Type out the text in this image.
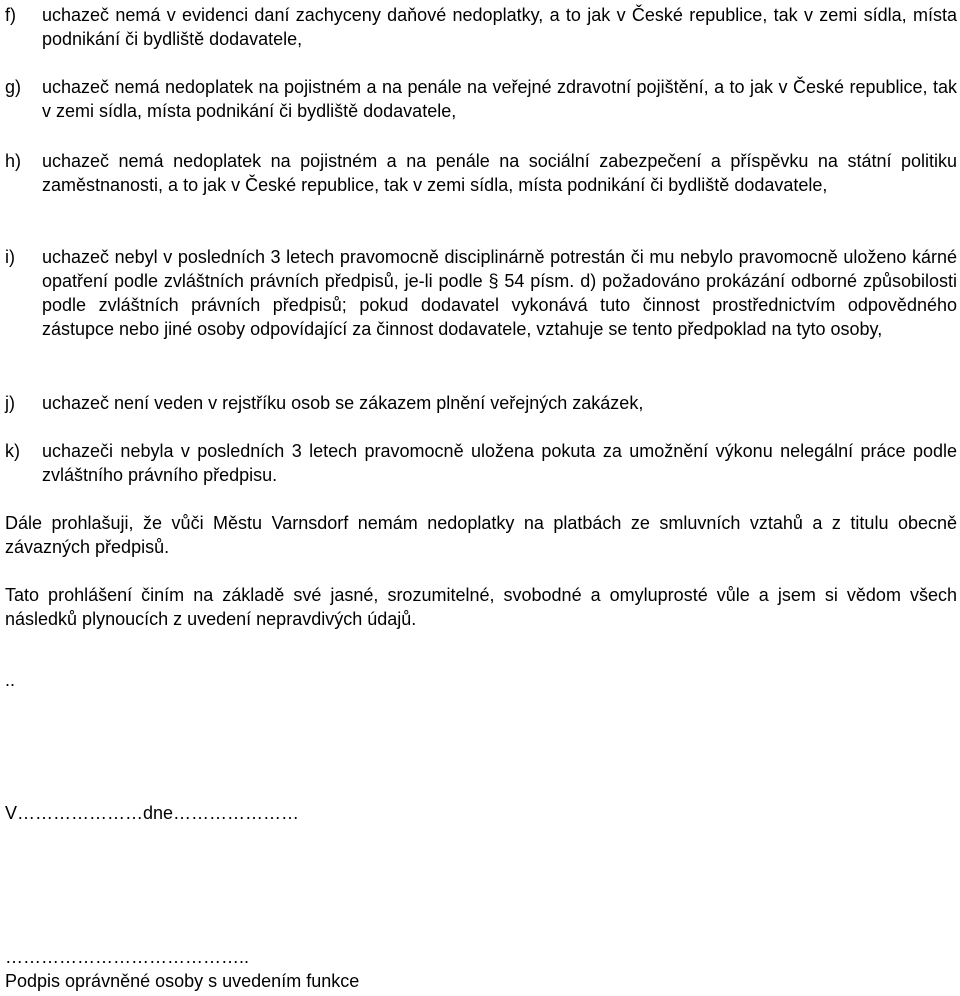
f) uchazeč nemá v evidenci daní zachyceny daňové nedoplatky, a to jak v České republice, tak v zemi sídla, místa podnikání či bydliště dodavatele,
g) uchazeč nemá nedoplatek na pojistném a na penále na veřejné zdravotní pojištění, a to jak v České republice, tak v zemi sídla, místa podnikání či bydliště dodavatele,
h) uchazeč nemá nedoplatek na pojistném a na penále na sociální zabezpečení a příspěvku na státní politiku zaměstnanosti, a to jak v České republice, tak v zemi sídla, místa podnikání či bydliště dodavatele,
i) uchazeč nebyl v posledních 3 letech pravomocně disciplinárně potrestán či mu nebylo pravomocně uloženo kárné opatření podle zvláštních právních předpisů, je-li podle § 54 písm. d) požadováno prokázání odborné způsobilosti podle zvláštních právních předpisů; pokud dodavatel vykonává tuto činnost prostřednictvím odpovědného zástupce nebo jiné osoby odpovídající za činnost dodavatele, vztahuje se tento předpoklad na tyto osoby,
j) uchazeč není veden v rejstříku osob se zákazem plnění veřejných zakázek,
k) uchazeči nebyla v posledních 3 letech pravomocně uložena pokuta za umožnění výkonu nelegální práce podle zvláštního právního předpisu.
Dále prohlašuji, že vůči Městu Varnsdorf nemám nedoplatky na platbách ze smluvních vztahů a z titulu obecně závazných předpisů.
Tato prohlášení činím na základě své jasné, srozumitelné, svobodné a omyluprosté vůle a jsem si vědom všech následků plynoucích z uvedení nepravdivých údajů.
..
V…………………dne…………………
…………………………………..
Podpis oprávněné osoby s uvedením funkce
